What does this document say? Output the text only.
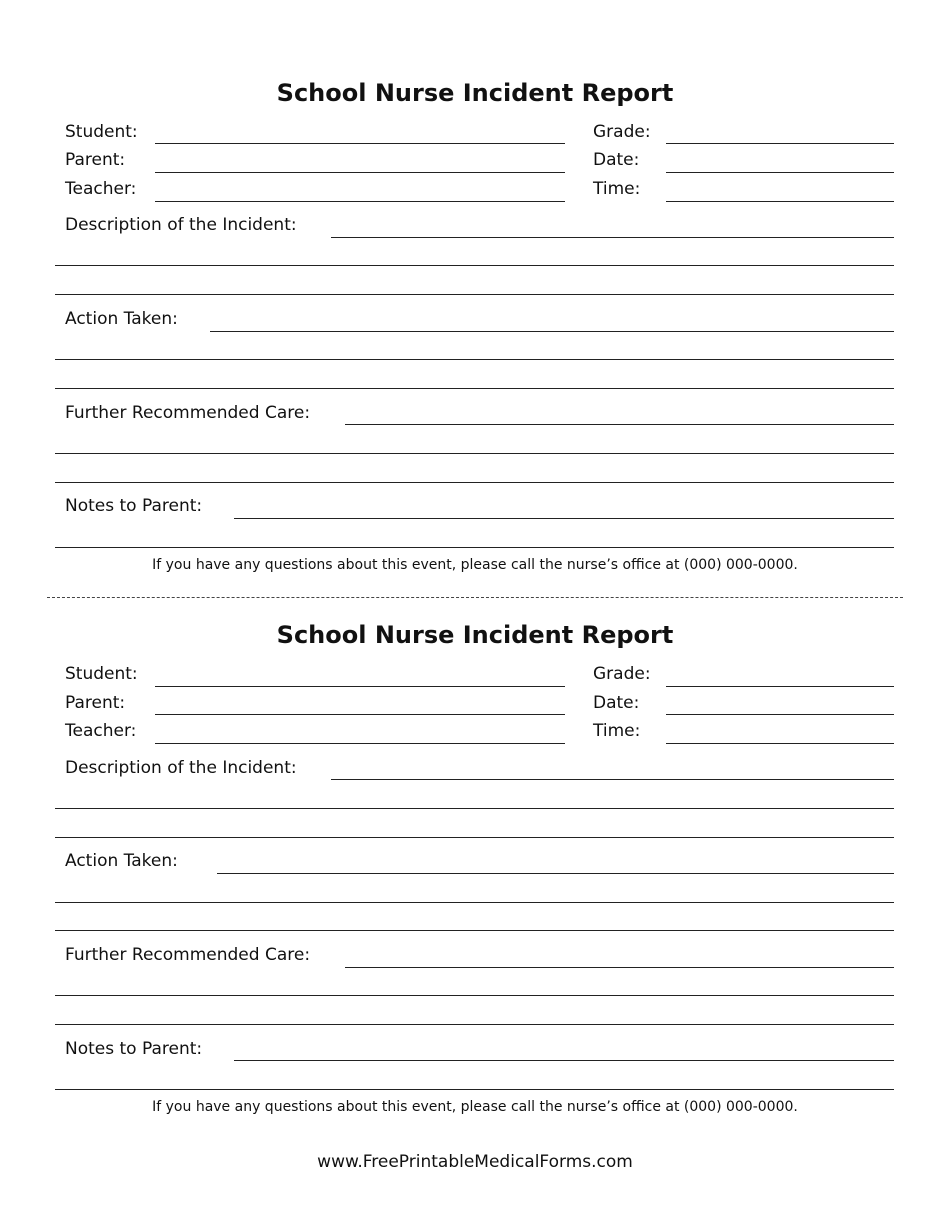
School Nurse Incident Report
Student:	Grade:
Parent:	Date:
Teacher:	Time:
Description of the Incident:
Action Taken:
Further Recommended Care:
Notes to Parent:
If you have any questions about this event, please call the nurse’s office at (000) 000-0000.
School Nurse Incident Report
Student:	Grade:
Parent:	Date:
Teacher:	Time:
Description of the Incident:
Action Taken:
Further Recommended Care:
Notes to Parent:
If you have any questions about this event, please call the nurse’s office at (000) 000-0000.
www.FreePrintableMedicalForms.com
